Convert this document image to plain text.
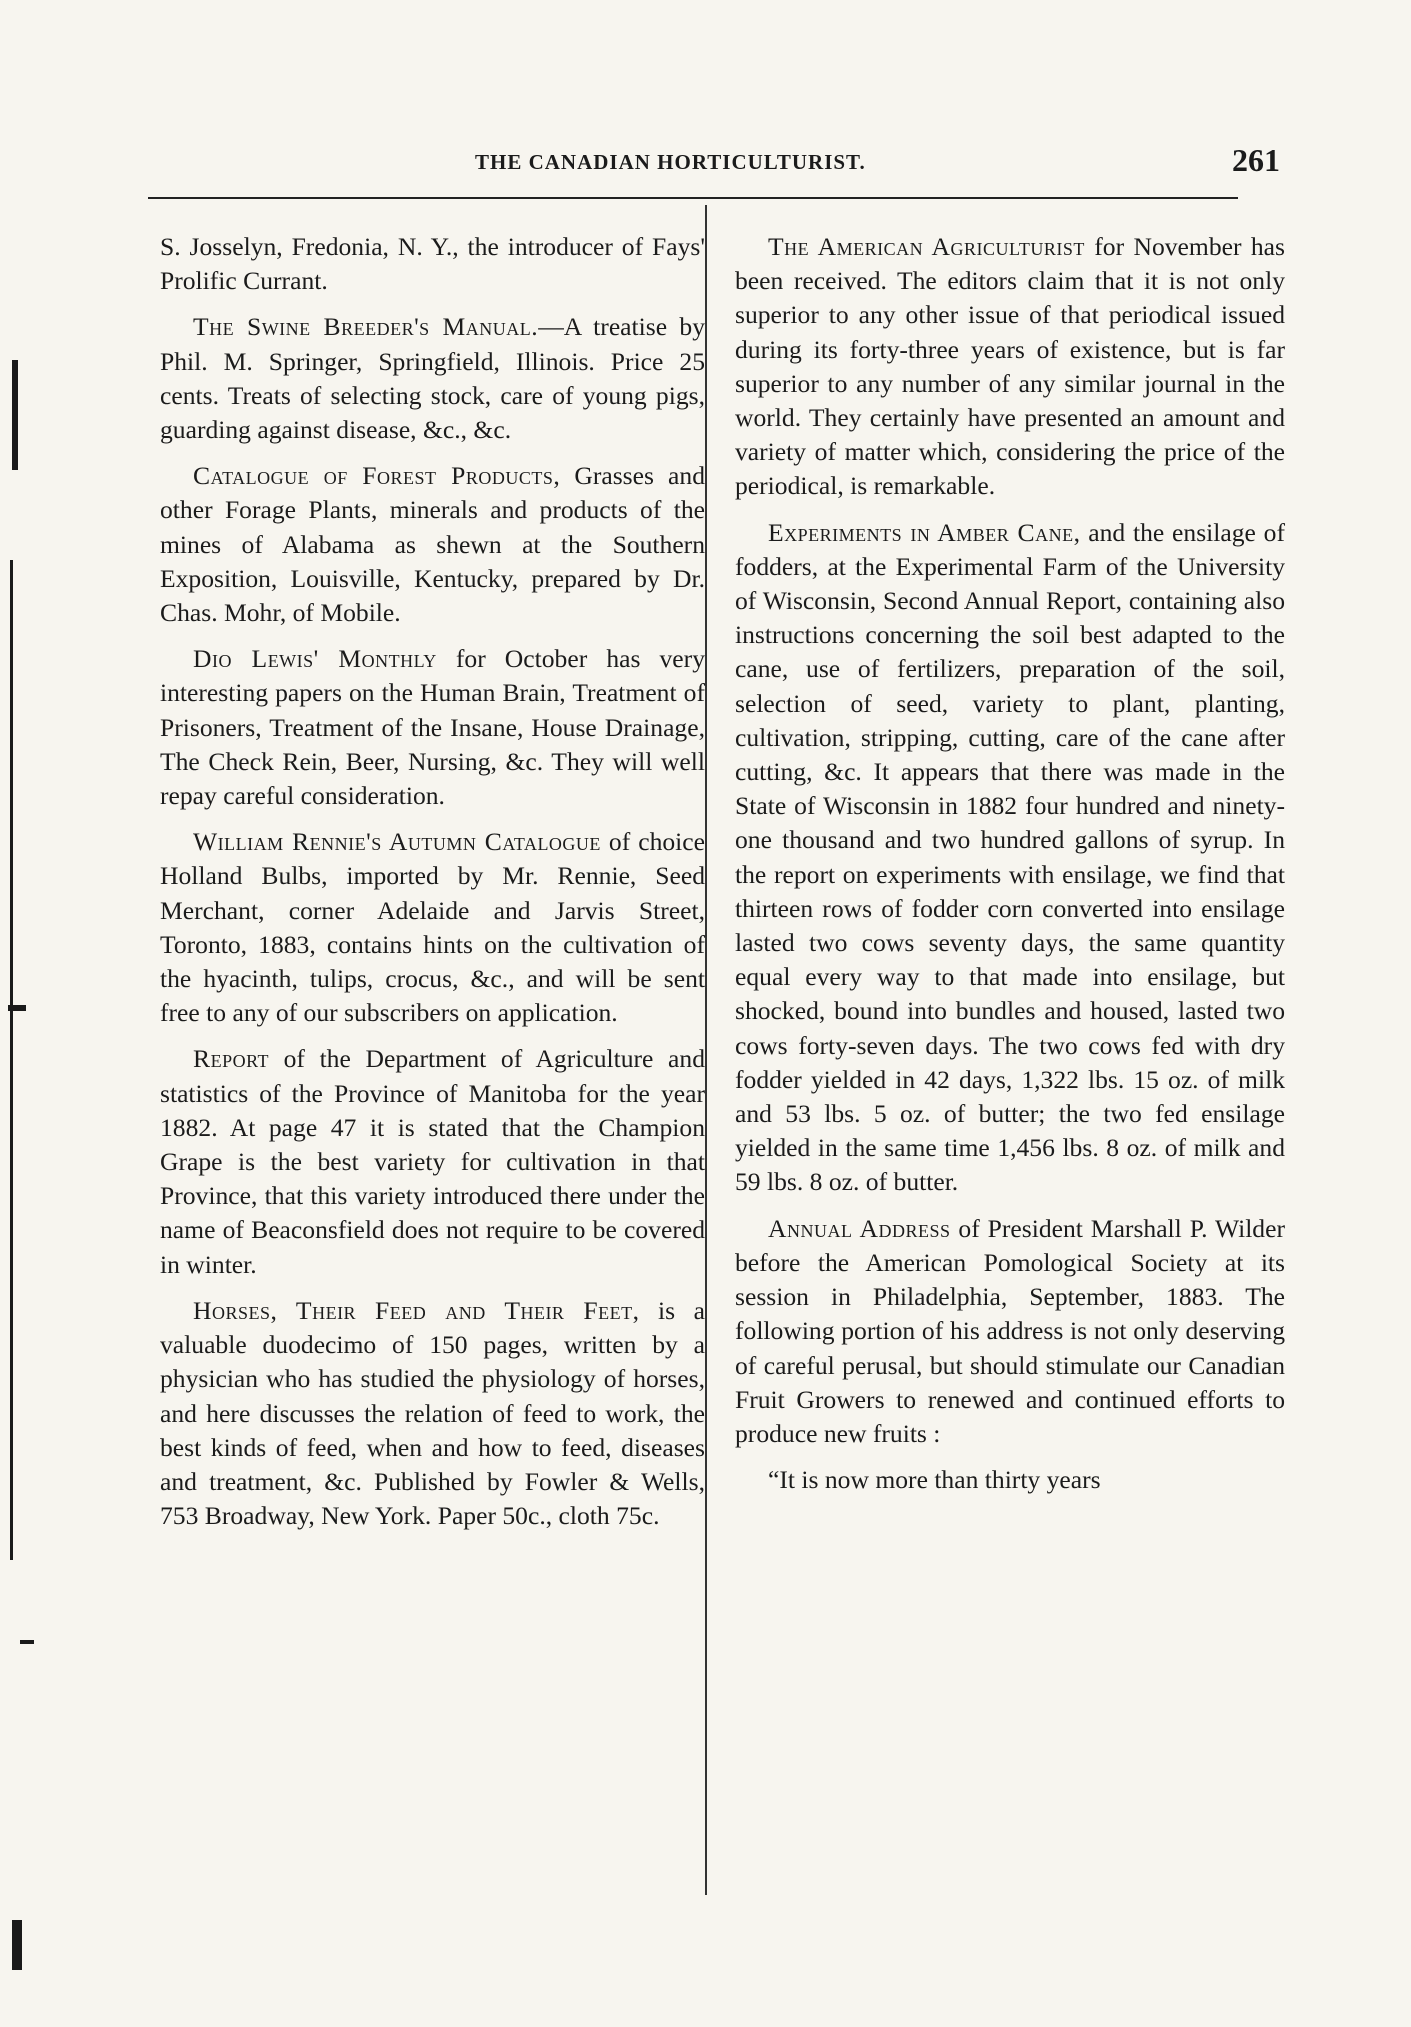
THE CANADIAN HORTICULTURIST.	261

S. Josselyn, Fredonia, N. Y., the introducer of Fays' Prolific Currant.

The Swine Breeder's Manual.—A treatise by Phil. M. Springer, Springfield, Illinois. Price 25 cents. Treats of selecting stock, care of young pigs, guarding against disease, &c., &c.

Catalogue of Forest Products, Grasses and other Forage Plants, minerals and products of the mines of Alabama as shewn at the Southern Exposition, Louisville, Kentucky, prepared by Dr. Chas. Mohr, of Mobile.

Dio Lewis' Monthly for October has very interesting papers on the Human Brain, Treatment of Prisoners, Treatment of the Insane, House Drainage, The Check Rein, Beer, Nursing, &c. They will well repay careful consideration.

William Rennie's Autumn Catalogue of choice Holland Bulbs, imported by Mr. Rennie, Seed Merchant, corner Adelaide and Jarvis Street, Toronto, 1883, contains hints on the cultivation of the hyacinth, tulips, crocus, &c., and will be sent free to any of our subscribers on application.

Report of the Department of Agriculture and statistics of the Province of Manitoba for the year 1882. At page 47 it is stated that the Champion Grape is the best variety for cultivation in that Province, that this variety introduced there under the name of Beaconsfield does not require to be covered in winter.

Horses, Their Feed and Their Feet, is a valuable duodecimo of 150 pages, written by a physician who has studied the physiology of horses, and here discusses the relation of feed to work, the best kinds of feed, when and how to feed, diseases and treatment, &c. Published by Fowler & Wells, 753 Broadway, New York. Paper 50c., cloth 75c.

The American Agriculturist for November has been received. The editors claim that it is not only superior to any other issue of that periodical issued during its forty-three years of existence, but is far superior to any number of any similar journal in the world. They certainly have presented an amount and variety of matter which, considering the price of the periodical, is remarkable.

Experiments in Amber Cane, and the ensilage of fodders, at the Experimental Farm of the University of Wisconsin, Second Annual Report, containing also instructions concerning the soil best adapted to the cane, use of fertilizers, preparation of the soil, selection of seed, variety to plant, planting, cultivation, stripping, cutting, care of the cane after cutting, &c. It appears that there was made in the State of Wisconsin in 1882 four hundred and ninety-one thousand and two hundred gallons of syrup. In the report on experiments with ensilage, we find that thirteen rows of fodder corn converted into ensilage lasted two cows seventy days, the same quantity equal every way to that made into ensilage, but shocked, bound into bundles and housed, lasted two cows forty-seven days. The two cows fed with dry fodder yielded in 42 days, 1,322 lbs. 15 oz. of milk and 53 lbs. 5 oz. of butter; the two fed ensilage yielded in the same time 1,456 lbs. 8 oz. of milk and 59 lbs. 8 oz. of butter.

Annual Address of President Marshall P. Wilder before the American Pomological Society at its session in Philadelphia, September, 1883. The following portion of his address is not only deserving of careful perusal, but should stimulate our Canadian Fruit Growers to renewed and continued efforts to produce new fruits :

“It is now more than thirty years
